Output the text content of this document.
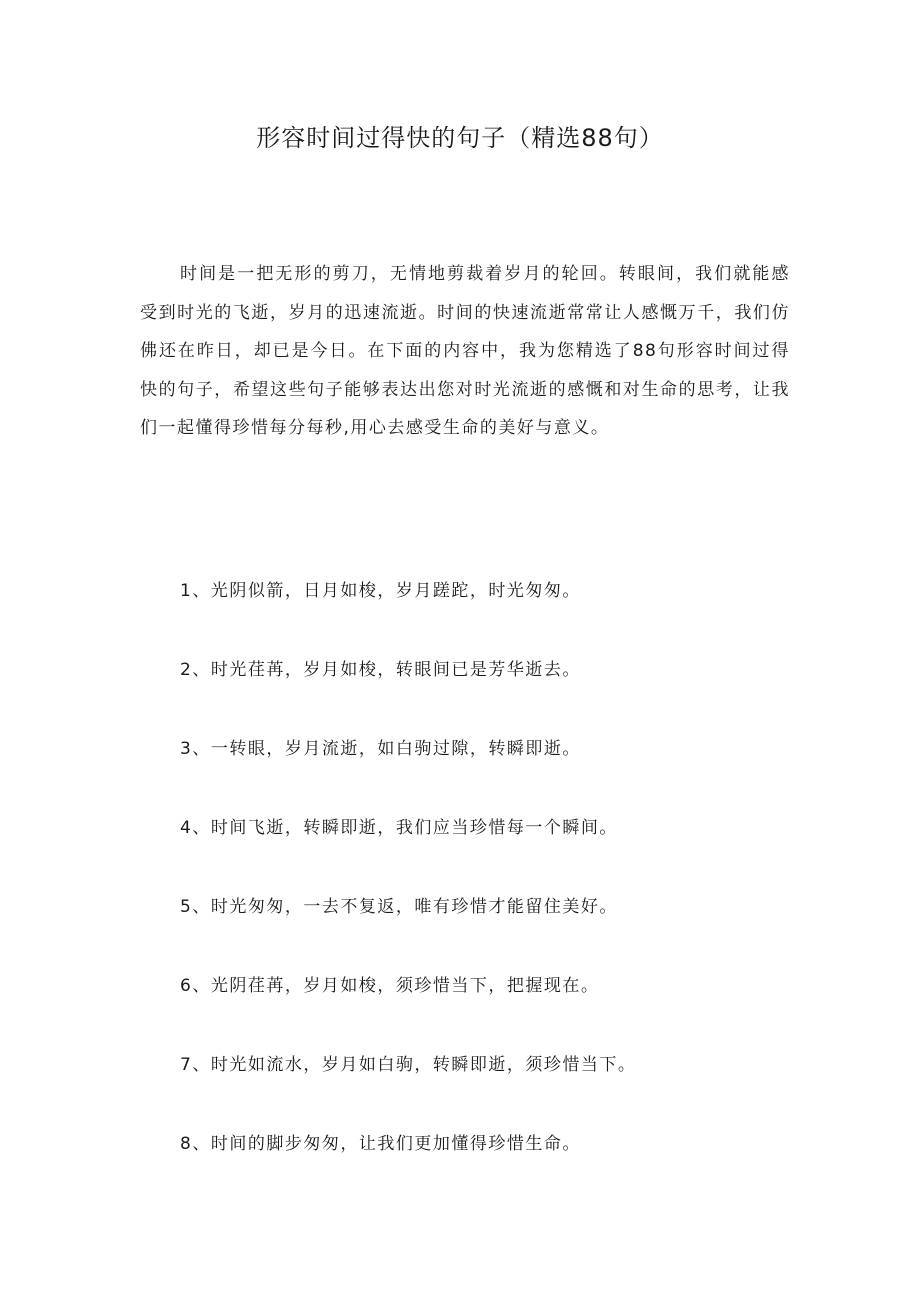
形容时间过得快的句子（精选88句）

时间是一把无形的剪刀，无情地剪裁着岁月的轮回。转眼间，我们就能感受到时光的飞逝，岁月的迅速流逝。时间的快速流逝常常让人感慨万千，我们仿佛还在昨日，却已是今日。在下面的内容中，我为您精选了88句形容时间过得快的句子，希望这些句子能够表达出您对时光流逝的感慨和对生命的思考，让我们一起懂得珍惜每分每秒,用心去感受生命的美好与意义。

1、光阴似箭，日月如梭，岁月蹉跎，时光匆匆。
2、时光荏苒，岁月如梭，转眼间已是芳华逝去。
3、一转眼，岁月流逝，如白驹过隙，转瞬即逝。
4、时间飞逝，转瞬即逝，我们应当珍惜每一个瞬间。
5、时光匆匆，一去不复返，唯有珍惜才能留住美好。
6、光阴荏苒，岁月如梭，须珍惜当下，把握现在。
7、时光如流水，岁月如白驹，转瞬即逝，须珍惜当下。
8、时间的脚步匆匆，让我们更加懂得珍惜生命。
